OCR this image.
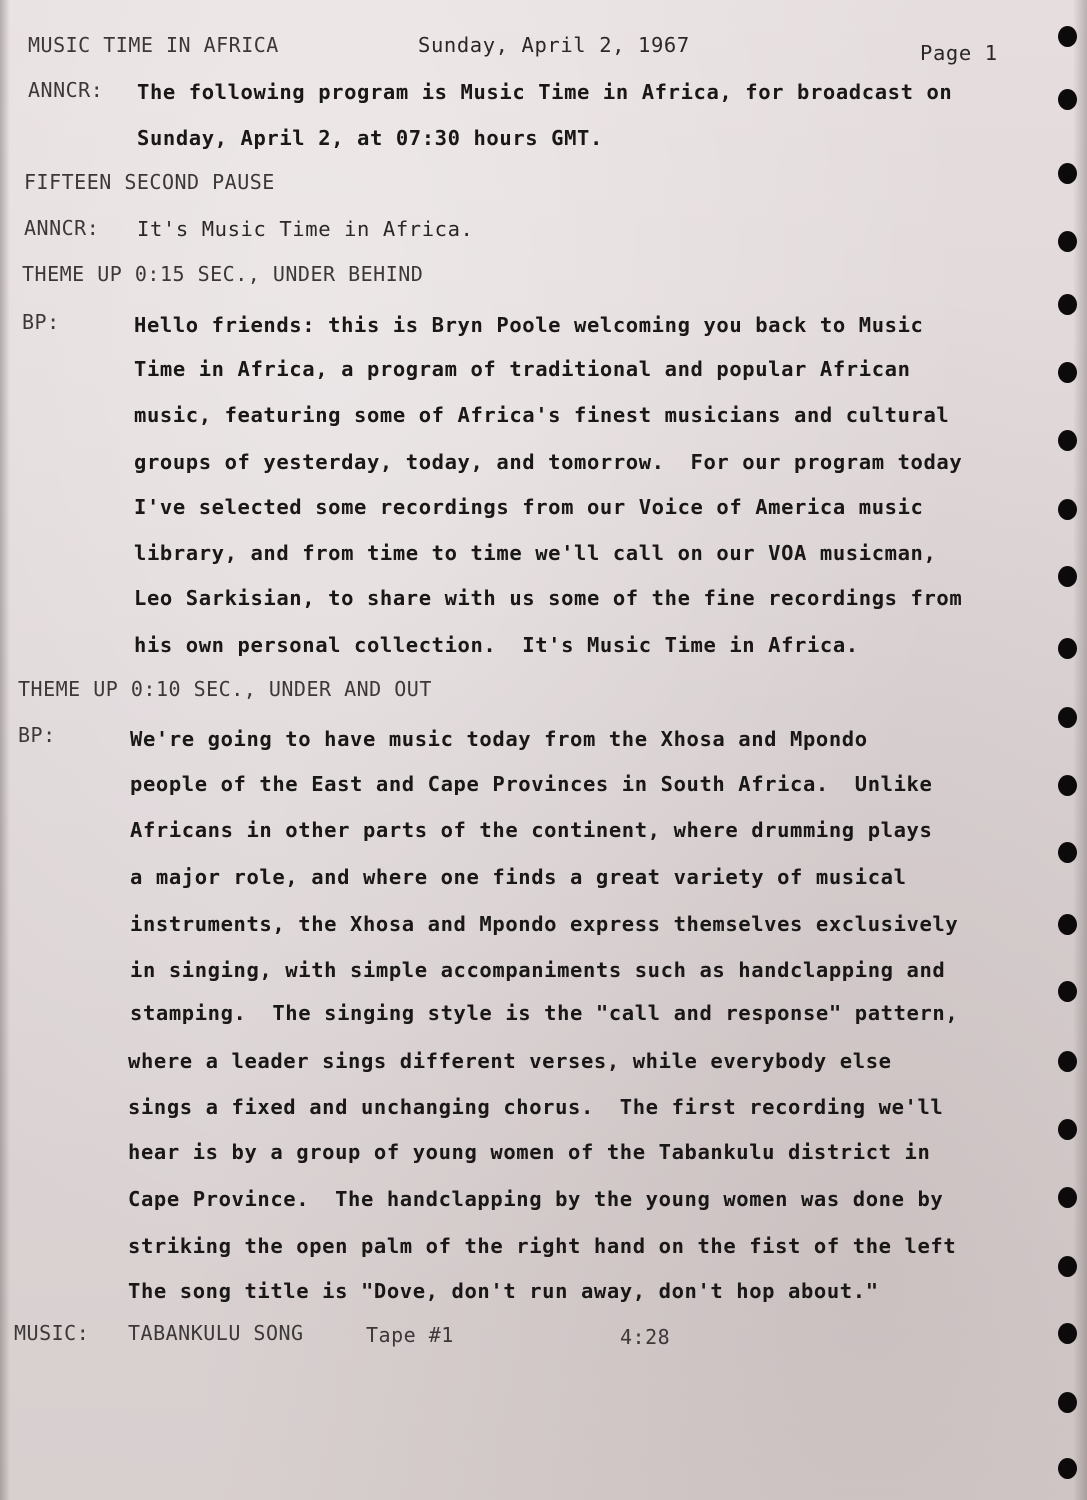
MUSIC TIME IN AFRICA	Sunday, April 2, 1967	Page 1
ANNCR: The following program is Music Time in Africa, for broadcast on
Sunday, April 2, at 07:30 hours GMT.
FIFTEEN SECOND PAUSE
ANNCR: It's Music Time in Africa.
THEME UP 0:15 SEC., UNDER BEHIND
BP:	Hello friends: this is Bryn Poole welcoming you back to Music
Time in Africa, a program of traditional and popular African
music, featuring some of Africa's finest musicians and cultural
groups of yesterday, today, and tomorrow.  For our program today
I've selected some recordings from our Voice of America music
library, and from time to time we'll call on our VOA musicman,
Leo Sarkisian, to share with us some of the fine recordings from
his own personal collection.  It's Music Time in Africa.
THEME UP 0:10 SEC., UNDER AND OUT
BP:	We're going to have music today from the Xhosa and Mpondo
people of the East and Cape Provinces in South Africa.  Unlike
Africans in other parts of the continent, where drumming plays
a major role, and where one finds a great variety of musical
instruments, the Xhosa and Mpondo express themselves exclusively
in singing, with simple accompaniments such as handclapping and
stamping.  The singing style is the "call and response" pattern,
where a leader sings different verses, while everybody else
sings a fixed and unchanging chorus.  The first recording we'll
hear is by a group of young women of the Tabankulu district in
Cape Province.  The handclapping by the young women was done by
striking the open palm of the right hand on the fist of the left
The song title is "Dove, don't run away, don't hop about."
MUSIC: TABANKULU SONG	Tape #1	4:28
